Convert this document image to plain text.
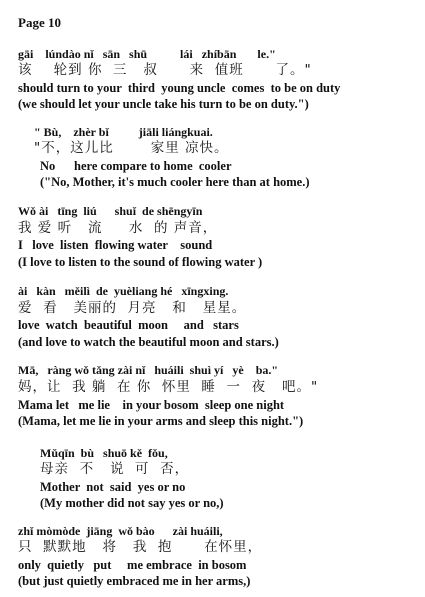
Page 10
gāi    lúndào nǐ   sān   shū           lái   zhíbān       le."
该    轮到 你  三   叔      来  值班      了。"
should turn to your  third  young uncle  comes  to be on duty
(we should let your uncle take his turn to be on duty.")
" Bù,    zhèr bǐ          jiāli liángkuai.
"不，这儿比       家里 凉快。
No      here compare to home  cooler
("No, Mother, it's much cooler here than at home.)
Wǒ ài   tīng  liú      shuǐ  de shēngyīn
我 爱 听   流     水  的 声音，
I   love  listen  flowing water    sound
(I love to listen to the sound of flowing water )
ài   kàn   měilì  de  yuèliang hé   xīngxing.
爱  看   美丽的  月亮   和   星星。
love  watch  beautiful  moon     and   stars
(and love to watch the beautiful moon and stars.)
Mā,   ràng wǒ tǎng zài nǐ   huáili  shuì yí   yè    ba."
妈，让  我 躺  在 你  怀里  睡  一  夜   吧。"
Mama let   me lie    in your bosom  sleep one night
(Mama, let me lie in your arms and sleep this night.")
Mǔqīn  bù   shuō kě  fǒu,
母亲  不   说  可  否，
Mother  not  said  yes or no
(My mother did not say yes or no,)
zhǐ mòmòde  jiāng  wǒ bào      zài huáili,
只  默默地   将   我  抱      在怀里，
only  quietly   put     me embrace  in bosom
(but just quietly embraced me in her arms,)
